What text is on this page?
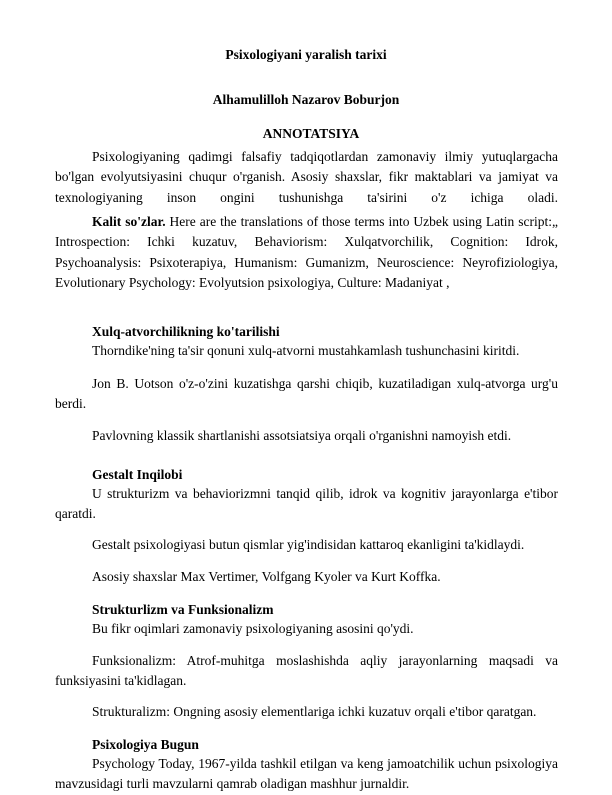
Psixologiyani yaralish tarixi
Alhamulilloh Nazarov Boburjon
ANNOTATSIYA

Psixologiyaning qadimgi falsafiy tadqiqotlardan zamonaviy ilmiy yutuqlargacha bo'lgan evolyutsiyasini chuqur o'rganish. Asosiy shaxslar, fikr maktablari va jamiyat va texnologiyaning inson ongini tushunishga ta'sirini o'z ichiga oladi.

Kalit so'zlar. Here are the translations of those terms into Uzbek using Latin script:„ Introspection: Ichki kuzatuv, Behaviorism: Xulqatvorchilik, Cognition: Idrok, Psychoanalysis: Psixoterapiya, Humanism: Gumanizm, Neuroscience: Neyrofiziologiya, Evolutionary Psychology: Evolyutsion psixologiya, Culture: Madaniyat ,

Xulq-atvorchilikning ko'tarilishi

Thorndike'ning ta'sir qonuni xulq-atvorni mustahkamlash tushunchasini kiritdi.

Jon B. Uotson o'z-o'zini kuzatishga qarshi chiqib, kuzatiladigan xulq-atvorga urg'u berdi.

Pavlovning klassik shartlanishi assotsiatsiya orqali o'rganishni namoyish etdi.

Gestalt Inqilobi

U strukturizm va behaviorizmni tanqid qilib, idrok va kognitiv jarayonlarga e'tibor qaratdi.

Gestalt psixologiyasi butun qismlar yig'indisidan kattaroq ekanligini ta'kidlaydi.

Asosiy shaxslar Max Vertimer, Volfgang Kyoler va Kurt Koffka.

Strukturlizm va Funksionalizm

Bu fikr oqimlari zamonaviy psixologiyaning asosini qo'ydi.

Funksionalizm: Atrof-muhitga moslashishda aqliy jarayonlarning maqsadi va funksiyasini ta'kidlagan.

Strukturalizm: Ongning asosiy elementlariga ichki kuzatuv orqali e'tibor qaratgan.

Psixologiya Bugun

Psychology Today, 1967-yilda tashkil etilgan va keng jamoatchilik uchun psixologiya mavzusidagi turli mavzularni qamrab oladigan mashhur jurnaldir.
